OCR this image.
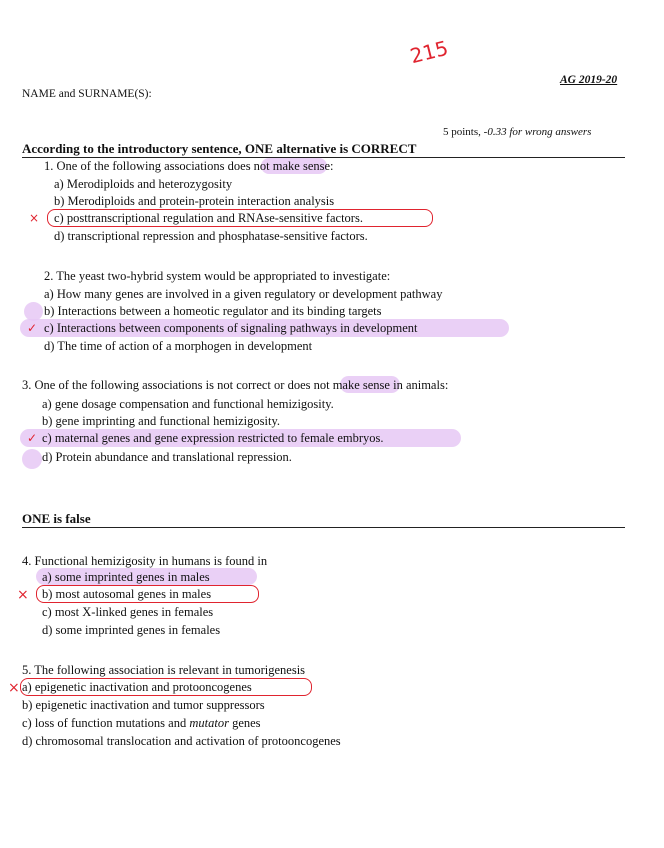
215
AG 2019-20
NAME and SURNAME(S):
5 points, -0.33 for wrong answers
According to the introductory sentence, ONE alternative is CORRECT
1. One of the following associations does not make sense:
a) Merodiploids and heterozygosity
b) Merodiploids and protein-protein interaction analysis
× c) posttranscriptional regulation and RNAse-sensitive factors.
d) transcriptional repression and phosphatase-sensitive factors.
2. The yeast two-hybrid system would be appropriated to investigate:
a) How many genes are involved in a given regulatory or development pathway
b) Interactions between a homeotic regulator and its binding targets
✓ c) Interactions between components of signaling pathways in development
d) The time of action of a morphogen in development
3. One of the following associations is not correct or does not make sense in animals:
a) gene dosage compensation and functional hemizigosity.
b) gene imprinting and functional hemizigosity.
✓ c) maternal genes and gene expression restricted to female embryos.
d) Protein abundance and translational repression.
ONE is false
4. Functional hemizigosity in humans is found in
a) some imprinted genes in males
× b) most autosomal genes in males
c) most X-linked genes in females
d) some imprinted genes in females
5. The following association is relevant in tumorigenesis
× a) epigenetic inactivation and protooncogenes
b) epigenetic inactivation and tumor suppressors
c) loss of function mutations and mutator genes
d) chromosomal translocation and activation of protooncogenes
